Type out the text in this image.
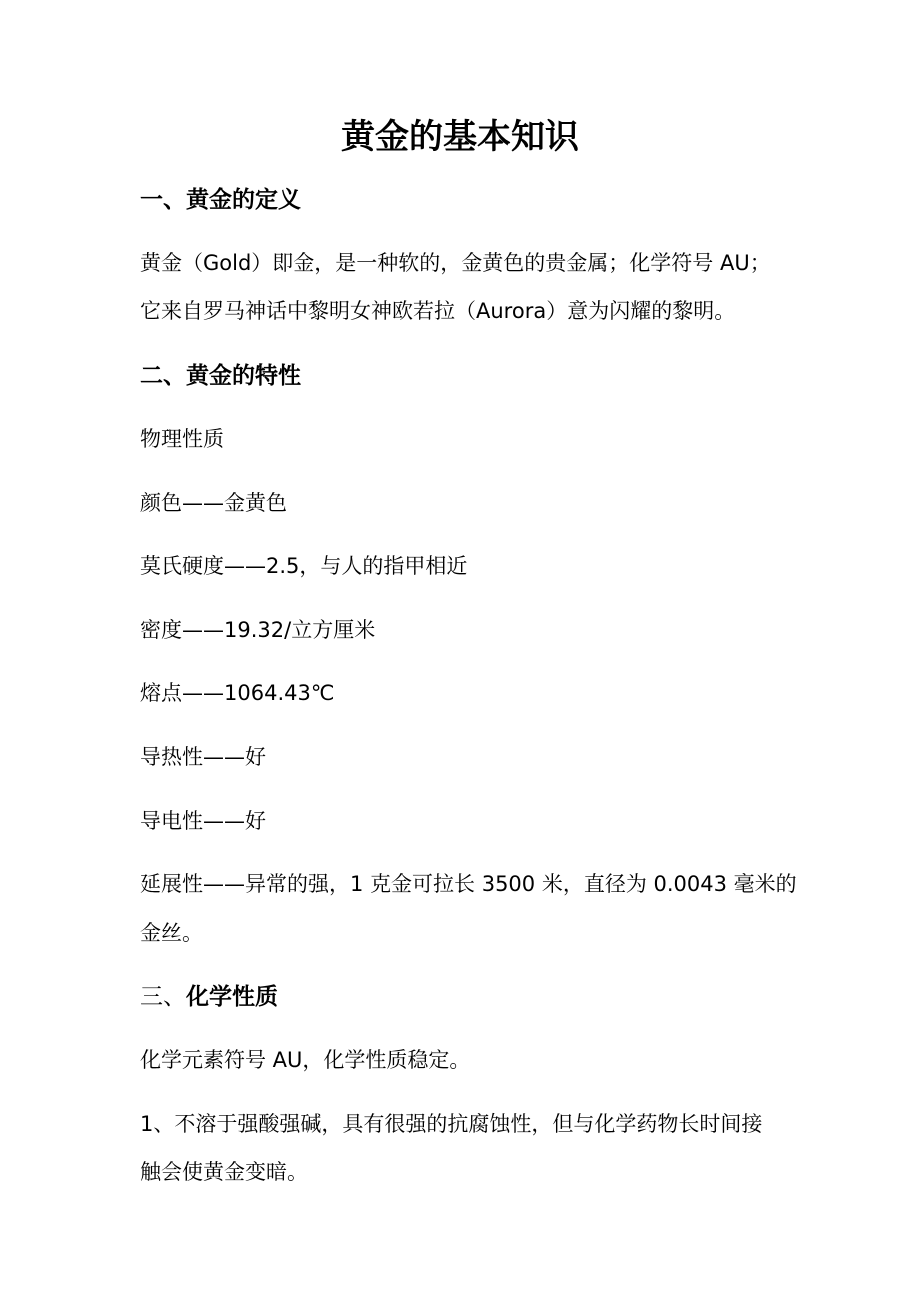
黄金的基本知识
一、黄金的定义
黄金（Gold）即金，是一种软的，金黄色的贵金属；化学符号 AU；
它来自罗马神话中黎明女神欧若拉（Aurora）意为闪耀的黎明。
二、黄金的特性
物理性质
颜色——金黄色
莫氏硬度——2.5，与人的指甲相近
密度——19.32/立方厘米
熔点——1064.43℃
导热性——好
导电性——好
延展性——异常的强，1 克金可拉长 3500 米，直径为 0.0043 毫米的
金丝。
三、化学性质
化学元素符号 AU，化学性质稳定。
1、不溶于强酸强碱，具有很强的抗腐蚀性，但与化学药物长时间接
触会使黄金变暗。
